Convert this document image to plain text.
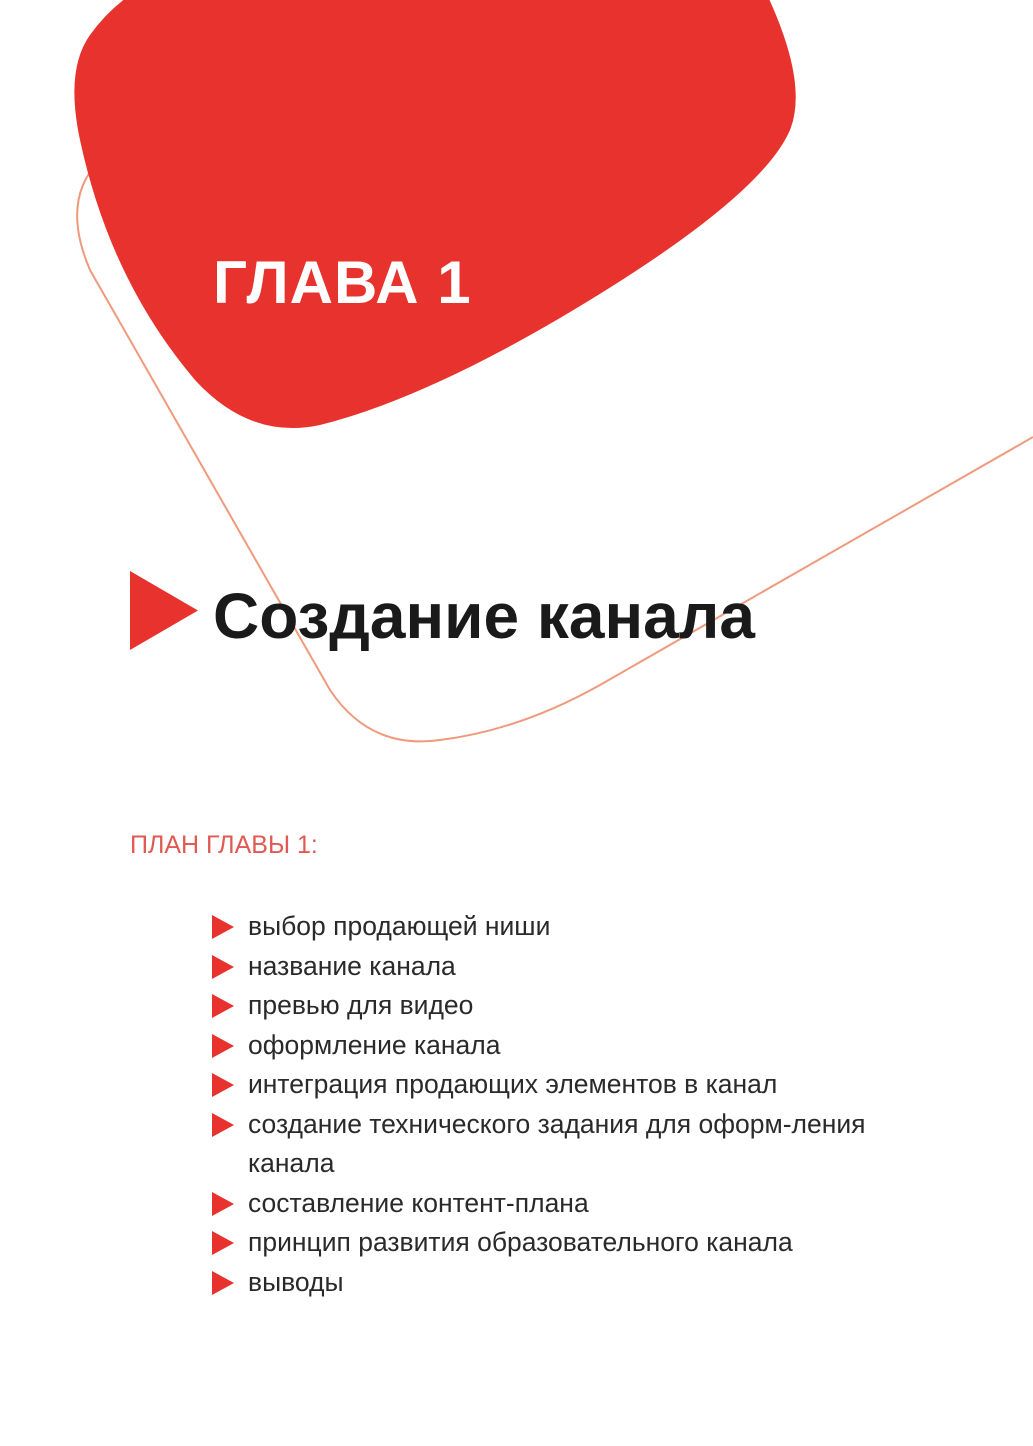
ГЛАВА 1
Создание канала
ПЛАН ГЛАВЫ 1:
выбор продающей ниши
название канала
превью для видео
оформление канала
интеграция продающих элементов в канал
создание технического задания для оформ-ления канала
составление контент-плана
принцип развития образовательного канала
выводы
